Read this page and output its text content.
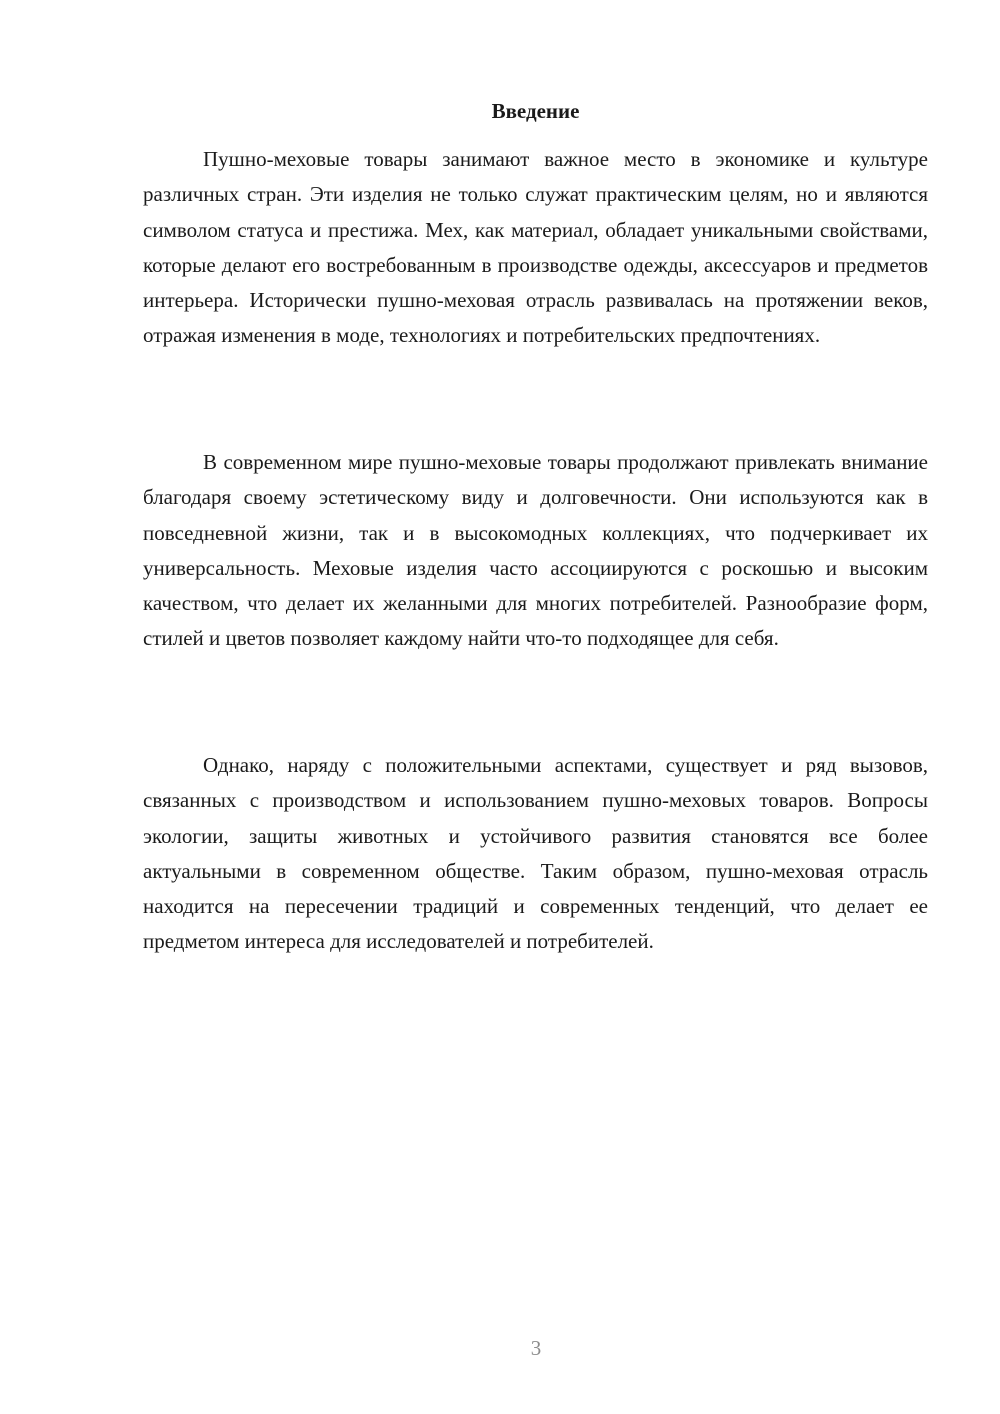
Введение

Пушно-меховые товары занимают важное место в экономике и культуре различных стран. Эти изделия не только служат практическим целям, но и являются символом статуса и престижа. Мех, как материал, обладает уникальными свойствами, которые делают его востребованным в производстве одежды, аксессуаров и предметов интерьера. Исторически пушно-меховая отрасль развивалась на протяжении веков, отражая изменения в моде, технологиях и потребительских предпочтениях.

В современном мире пушно-меховые товары продолжают привлекать внимание благодаря своему эстетическому виду и долговечности. Они используются как в повседневной жизни, так и в высокомодных коллекциях, что подчеркивает их универсальность. Меховые изделия часто ассоциируются с роскошью и высоким качеством, что делает их желанными для многих потребителей. Разнообразие форм, стилей и цветов позволяет каждому найти что-то подходящее для себя.

Однако, наряду с положительными аспектами, существует и ряд вызовов, связанных с производством и использованием пушно-меховых товаров. Вопросы экологии, защиты животных и устойчивого развития становятся все более актуальными в современном обществе. Таким образом, пушно-меховая отрасль находится на пересечении традиций и современных тенденций, что делает ее предметом интереса для исследователей и потребителей.

3
